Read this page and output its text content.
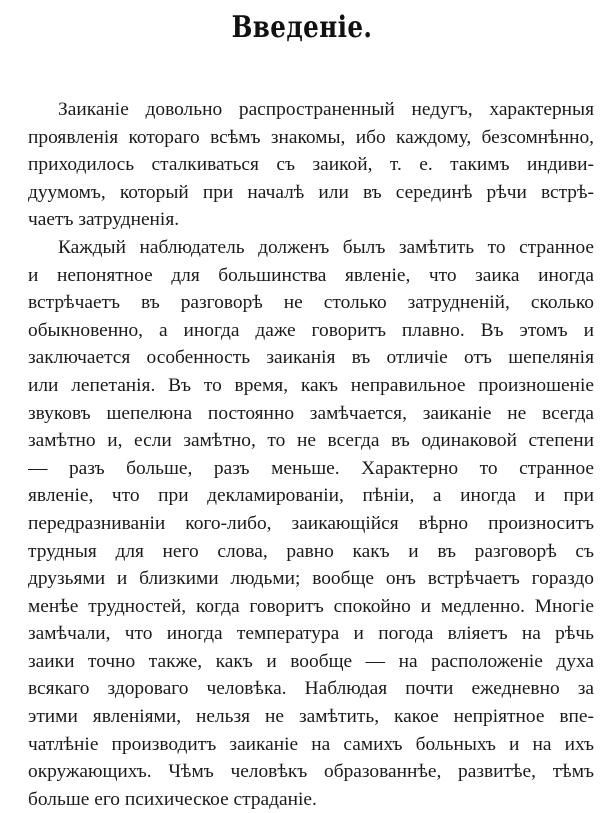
Введеніе.
Заиканіе довольно распространенный недугъ, характерныя
проявленія котораго всѣмъ знакомы, ибо каждому, безсомнѣнно,
приходилось сталкиваться съ заикой, т. е. такимъ индиви-
дуумомъ, который при началѣ или въ серединѣ рѣчи встрѣ-
чаетъ затрудненія.
Каждый наблюдатель долженъ былъ замѣтить то странное
и непонятное для большинства явленіе, что заика иногда
встрѣчаетъ въ разговорѣ не столько затрудненій, сколько
обыкновенно, а иногда даже говоритъ плавно. Въ этомъ и
заключается особенность заиканія въ отличіе отъ шепелянія
или лепетанія. Въ то время, какъ неправильное произношеніе
звуковъ шепелюна постоянно замѣчается, заиканіе не всегда
замѣтно и, если замѣтно, то не всегда въ одинаковой степени
— разъ больше, разъ меньше. Характерно то странное
явленіе, что при декламированіи, пѣніи, а иногда и при
передразниваніи кого-либо, заикающійся вѣрно произноситъ
трудныя для него слова, равно какъ и въ разговорѣ съ
друзьями и близкими людьми; вообще онъ встрѣчаетъ гораздо
менѣе трудностей, когда говоритъ спокойно и медленно. Многіе
замѣчали, что иногда температура и погода вліяетъ на рѣчь
заики точно также, какъ и вообще — на расположеніе духа
всякаго здороваго человѣка. Наблюдая почти ежедневно за
этими явленіями, нельзя не замѣтить, какое непріятное впе-
чатлѣніе производитъ заиканіе на самихъ больныхъ и на ихъ
окружающихъ. Чѣмъ человѣкъ образованнѣе, развитѣе, тѣмъ
больше его психическое страданіе.
